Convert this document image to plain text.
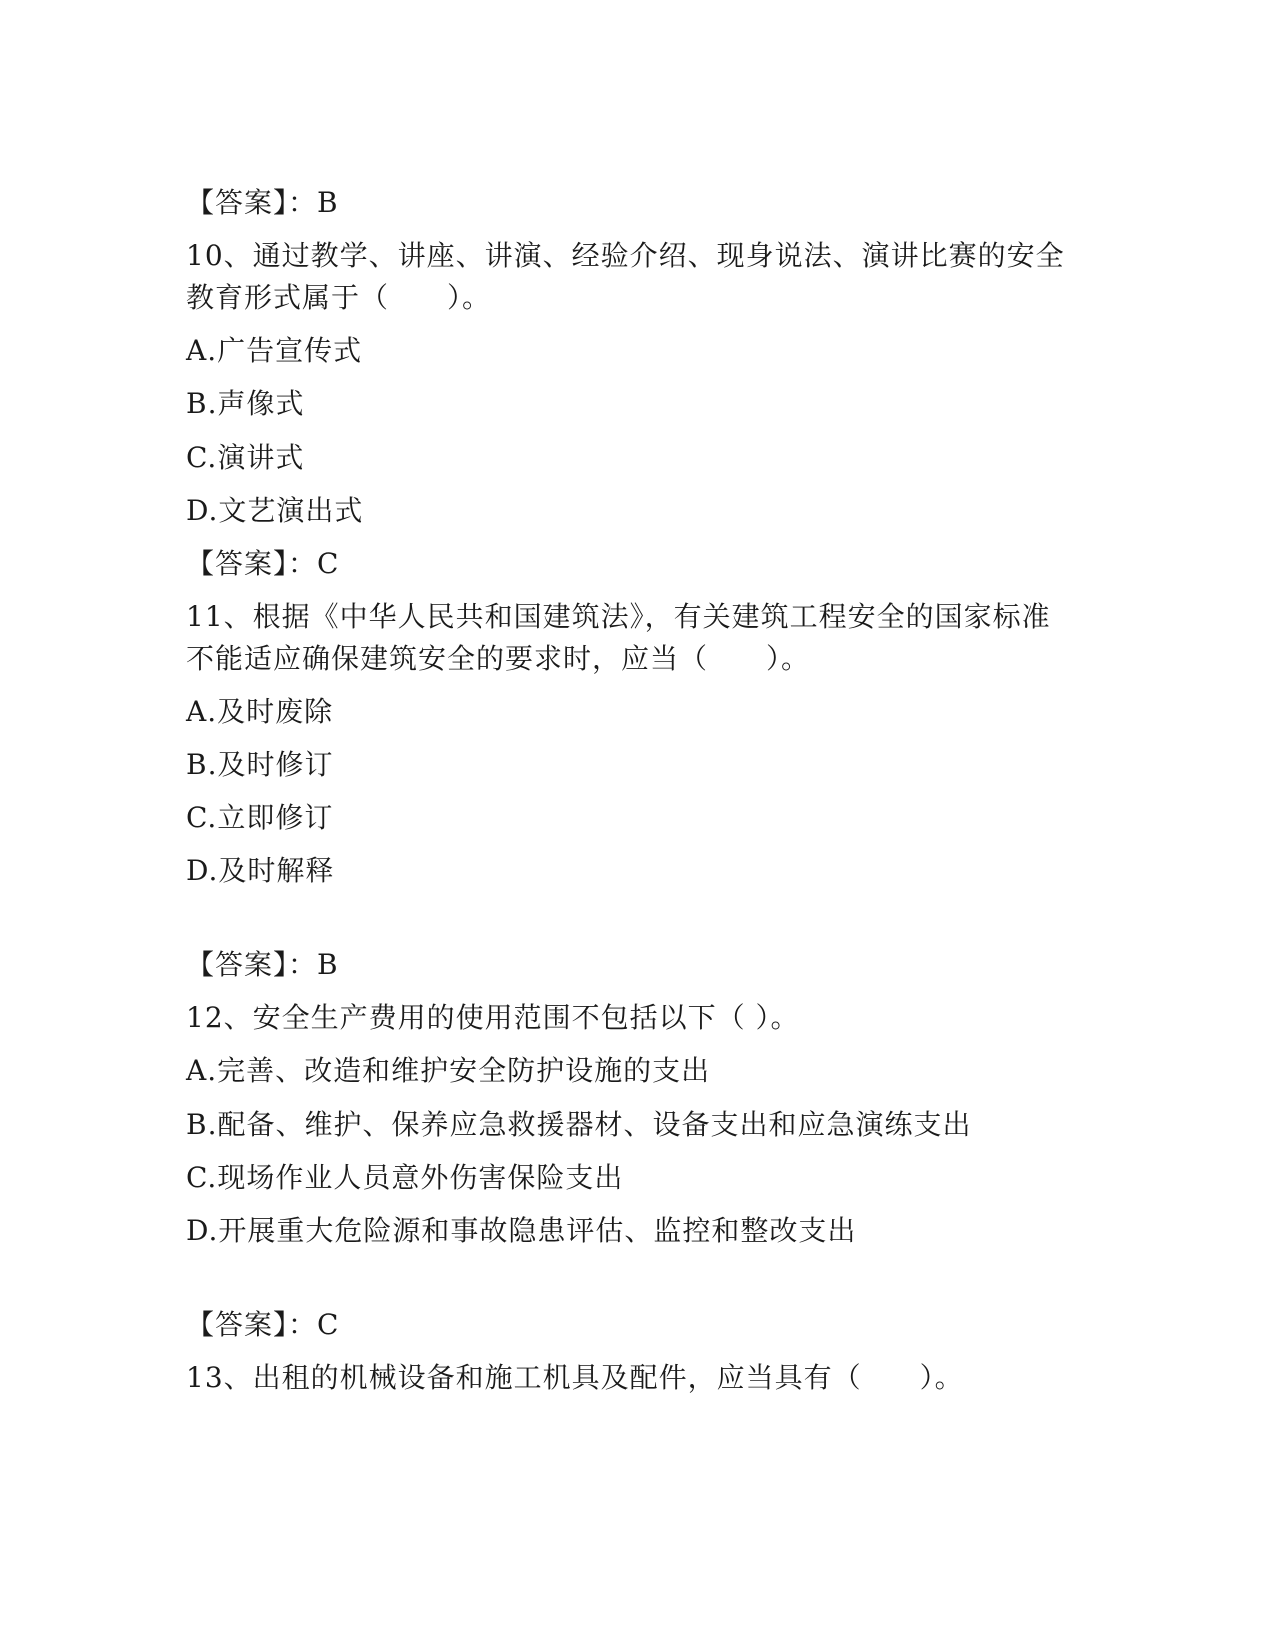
【答案】：B
10、通过教学、讲座、讲演、经验介绍、现身说法、演讲比赛的安全
教育形式属于（　　）。
A.广告宣传式
B.声像式
C.演讲式
D.文艺演出式
【答案】：C
11、根据《中华人民共和国建筑法》，有关建筑工程安全的国家标准
不能适应确保建筑安全的要求时，应当（　　）。
A.及时废除
B.及时修订
C.立即修订
D.及时解释
【答案】：B
12、安全生产费用的使用范围不包括以下（ ）。
A.完善、改造和维护安全防护设施的支出
B.配备、维护、保养应急救援器材、设备支出和应急演练支出
C.现场作业人员意外伤害保险支出
D.开展重大危险源和事故隐患评估、监控和整改支出
【答案】：C
13、出租的机械设备和施工机具及配件，应当具有（　　）。
